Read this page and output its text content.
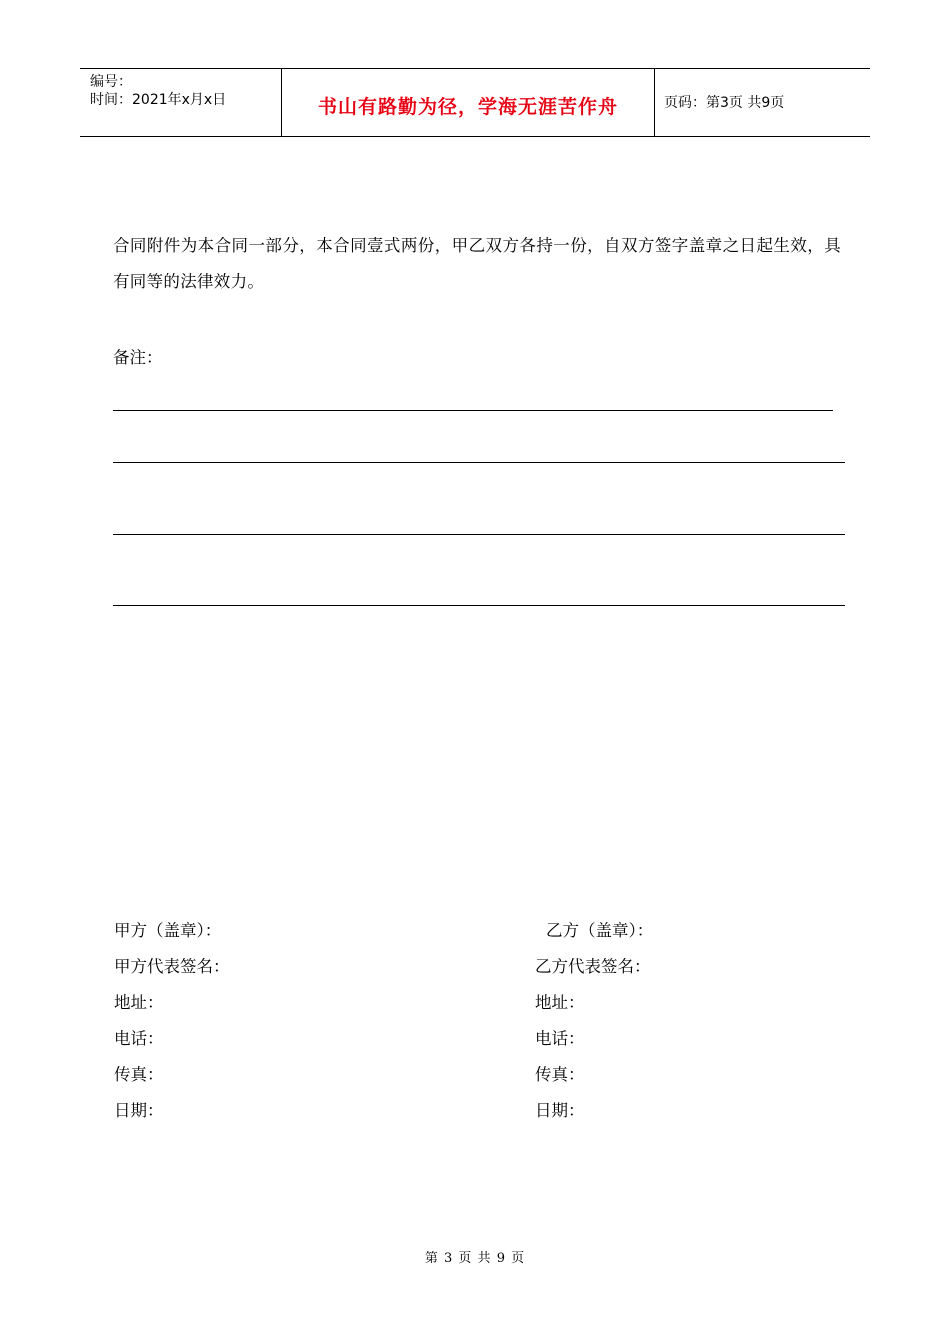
编号：
时间：2021年x月x日	书山有路勤为径，学海无涯苦作舟	页码：第3页 共9页
合同附件为本合同一部分，本合同壹式两份，甲乙双方各持一份，自双方签字盖章之日起生效，具有同等的法律效力。
备注：
甲方（盖章）：
甲方代表签名：
地址：
电话：
传真：
日期：
乙方（盖章）：
乙方代表签名：
地址：
电话：
传真：
日期：
第 3 页 共 9 页
